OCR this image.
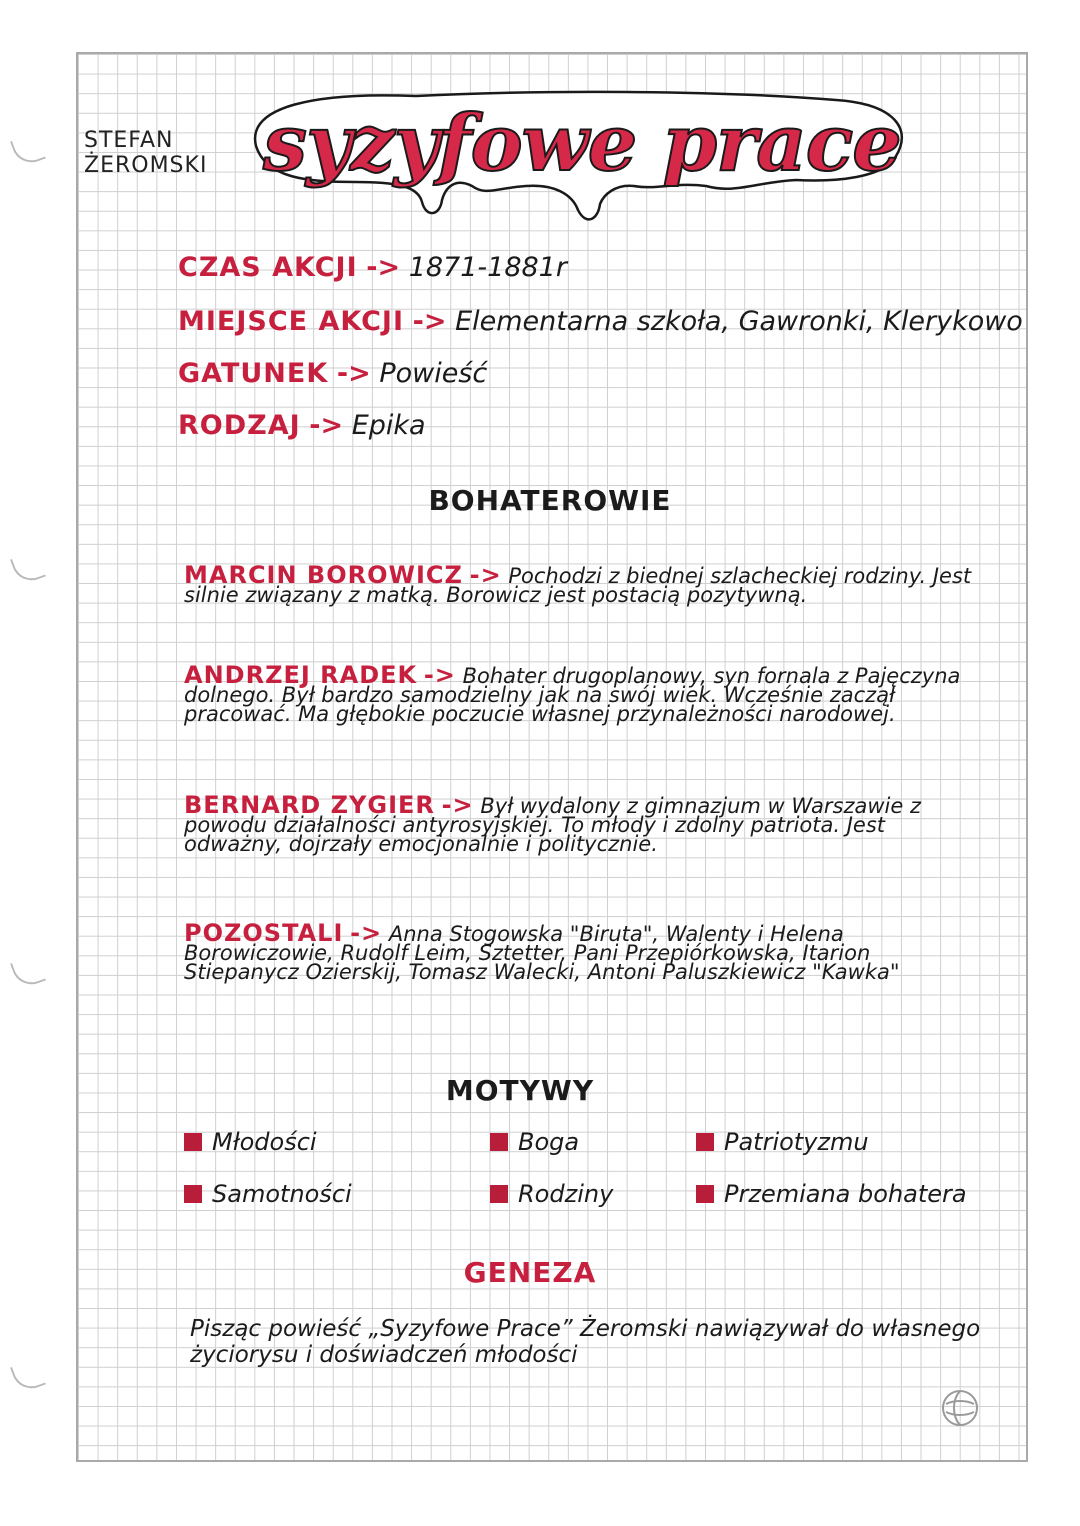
STEFAN
ŻEROMSKI syzyfowe prace
CZAS AKCJI -> 1871-1881r
MIEJSCE AKCJI -> Elementarna szkoła, Gawronki, Klerykowo
GATUNEK -> Powieść
RODZAJ -> Epika
BOHATEROWIE
MARCIN BOROWICZ -> Pochodzi z biednej szlacheckiej rodziny. Jest silnie związany z matką. Borowicz jest postacią pozytywną.
ANDRZEJ RADEK -> Bohater drugoplanowy, syn fornala z Pajęczyna dolnego. Był bardzo samodzielny jak na swój wiek. Wcześnie zaczął pracować. Ma głębokie poczucie własnej przynależności narodowej.
BERNARD ZYGIER -> Był wydalony z gimnazjum w Warszawie z powodu działalności antyrosyjskiej. To młody i zdolny patriota. Jest odważny, dojrzały emocjonalnie i politycznie.
POZOSTALI -> Anna Stogowska "Biruta", Walenty i Helena Borowiczowie, Rudolf Leim, Sztetter, Pani Przepiórkowska, Itarion Stiepanycz Ozierskij, Tomasz Walecki, Antoni Paluszkiewicz "Kawka"
MOTYWY
Młodości	Boga	Patriotyzmu
Samotności	Rodziny	Przemiana bohatera
GENEZA
Pisząc powieść „Syzyfowe Prace” Żeromski nawiązywał do własnego życiorysu i doświadczeń młodości
